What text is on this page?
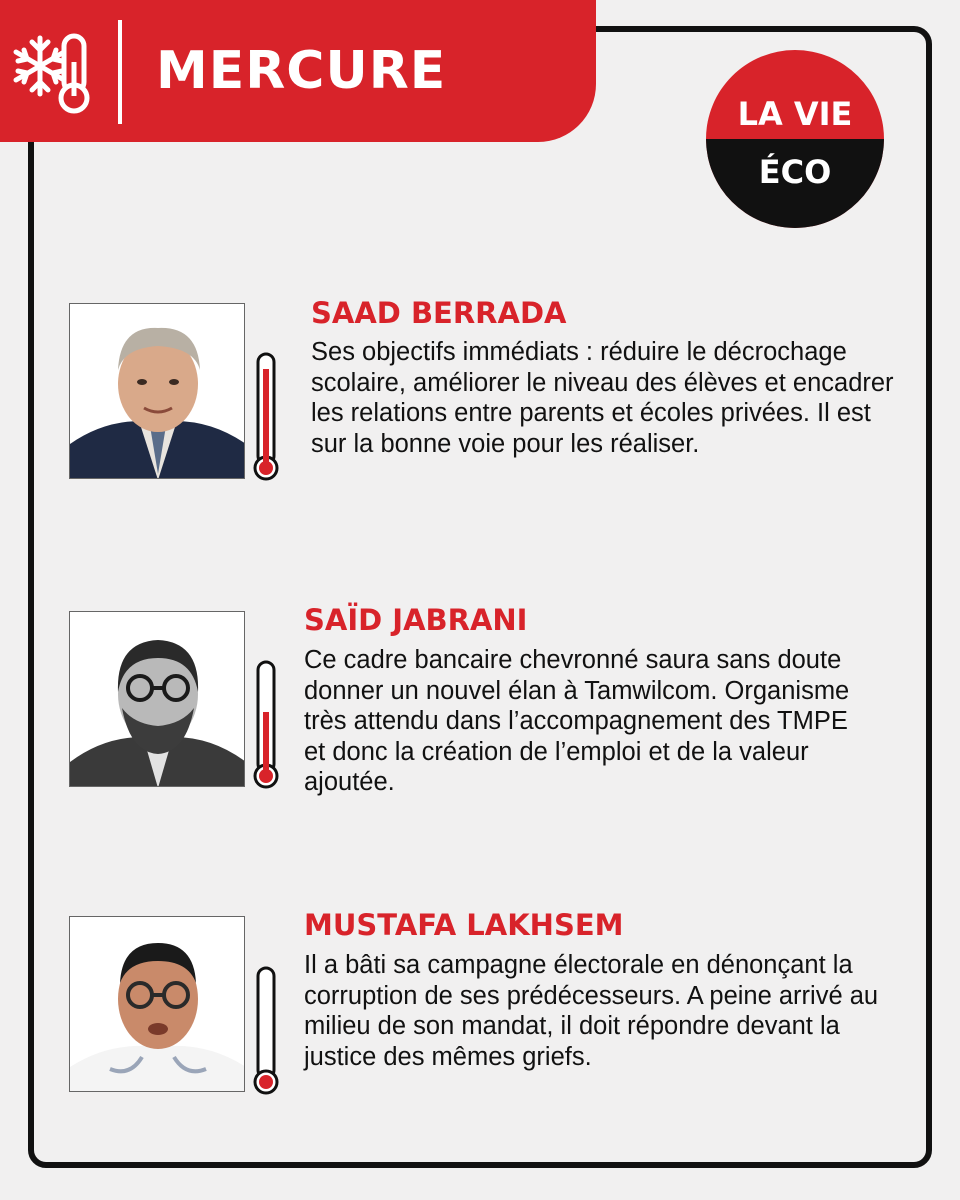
MERCURE
LA VIE
ÉCO
SAAD BERRADA
Ses objectifs immédiats : réduire le décrochage scolaire, améliorer le niveau des élèves et encadrer les relations entre parents et écoles privées. Il est sur la bonne voie pour les réaliser.
SAÏD JABRANI
Ce cadre bancaire chevronné saura sans doute donner un nouvel élan à Tamwilcom. Organisme très attendu dans l’accompagnement des TMPE et donc la création de l’emploi et de la valeur ajoutée.
MUSTAFA LAKHSEM
Il a bâti sa campagne électorale en dénonçant la corruption de ses prédécesseurs. A peine arrivé au milieu de son mandat, il doit répondre devant la justice des mêmes griefs.
